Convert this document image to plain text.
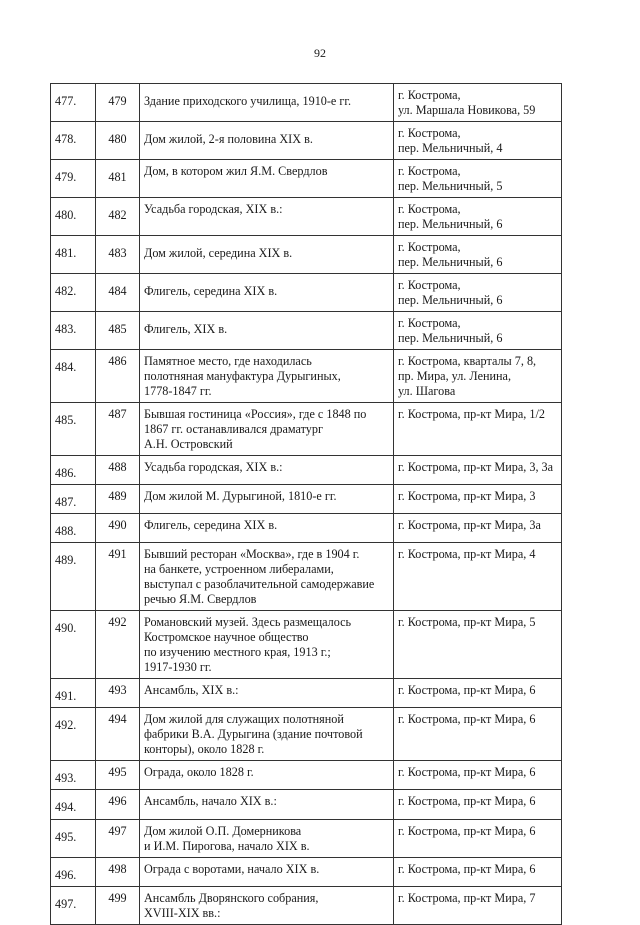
92
477.	479	Здание приходского училища, 1910-е гг.	г. Кострома,
ул. Маршала Новикова, 59

478.	480	Дом жилой, 2-я половина XIX в.	г. Кострома,
пер. Мельничный, 4

479.	481	Дом, в котором жил Я.М. Свердлов	г. Кострома,
пер. Мельничный, 5

480.	482	Усадьба городская, XIX в.:	г. Кострома,
пер. Мельничный, 6

481.	483	Дом жилой, середина XIX в.	г. Кострома,
пер. Мельничный, 6

482.	484	Флигель, середина XIX в.	г. Кострома,
пер. Мельничный, 6

483.	485	Флигель, XIX в.	г. Кострома,
пер. Мельничный, 6

484.	486	Памятное место, где находилась
полотняная мануфактура Дурыгиных,
1778-1847 гг.	г. Кострома, кварталы 7, 8,
пр. Мира, ул. Ленина,
ул. Шагова

485.	487	Бывшая гостиница «Россия», где с 1848 по
1867 гг. останавливался драматург
А.Н. Островский	г. Кострома, пр-кт Мира, 1/2

486.	488	Усадьба городская, XIX в.:	г. Кострома, пр-кт Мира, 3, 3а

487.	489	Дом жилой М. Дурыгиной, 1810-е гг.	г. Кострома, пр-кт Мира, 3

488.	490	Флигель, середина XIX в.	г. Кострома, пр-кт Мира, 3а

489.	491	Бывший ресторан «Москва», где в 1904 г.
на банкете, устроенном либералами,
выступал с разоблачительной самодержавие
речью Я.М. Свердлов	г. Кострома, пр-кт Мира, 4

490.	492	Романовский музей. Здесь размещалось
Костромское научное общество
по изучению местного края, 1913 г.;
1917-1930 гг.	г. Кострома, пр-кт Мира, 5

491.	493	Ансамбль, XIX в.:	г. Кострома, пр-кт Мира, 6

492.	494	Дом жилой для служащих полотняной
фабрики В.А. Дурыгина (здание почтовой
конторы), около 1828 г.	г. Кострома, пр-кт Мира, 6

493.	495	Ограда, около 1828 г.	г. Кострома, пр-кт Мира, 6

494.	496	Ансамбль, начало XIX в.:	г. Кострома, пр-кт Мира, 6

495.	497	Дом жилой О.П. Домерникова
и И.М. Пирогова, начало XIX в.	г. Кострома, пр-кт Мира, 6

496.	498	Ограда с воротами, начало XIX в.	г. Кострома, пр-кт Мира, 6

497.	499	Ансамбль Дворянского собрания,
XVIII-XIX вв.:	г. Кострома, пр-кт Мира, 7
